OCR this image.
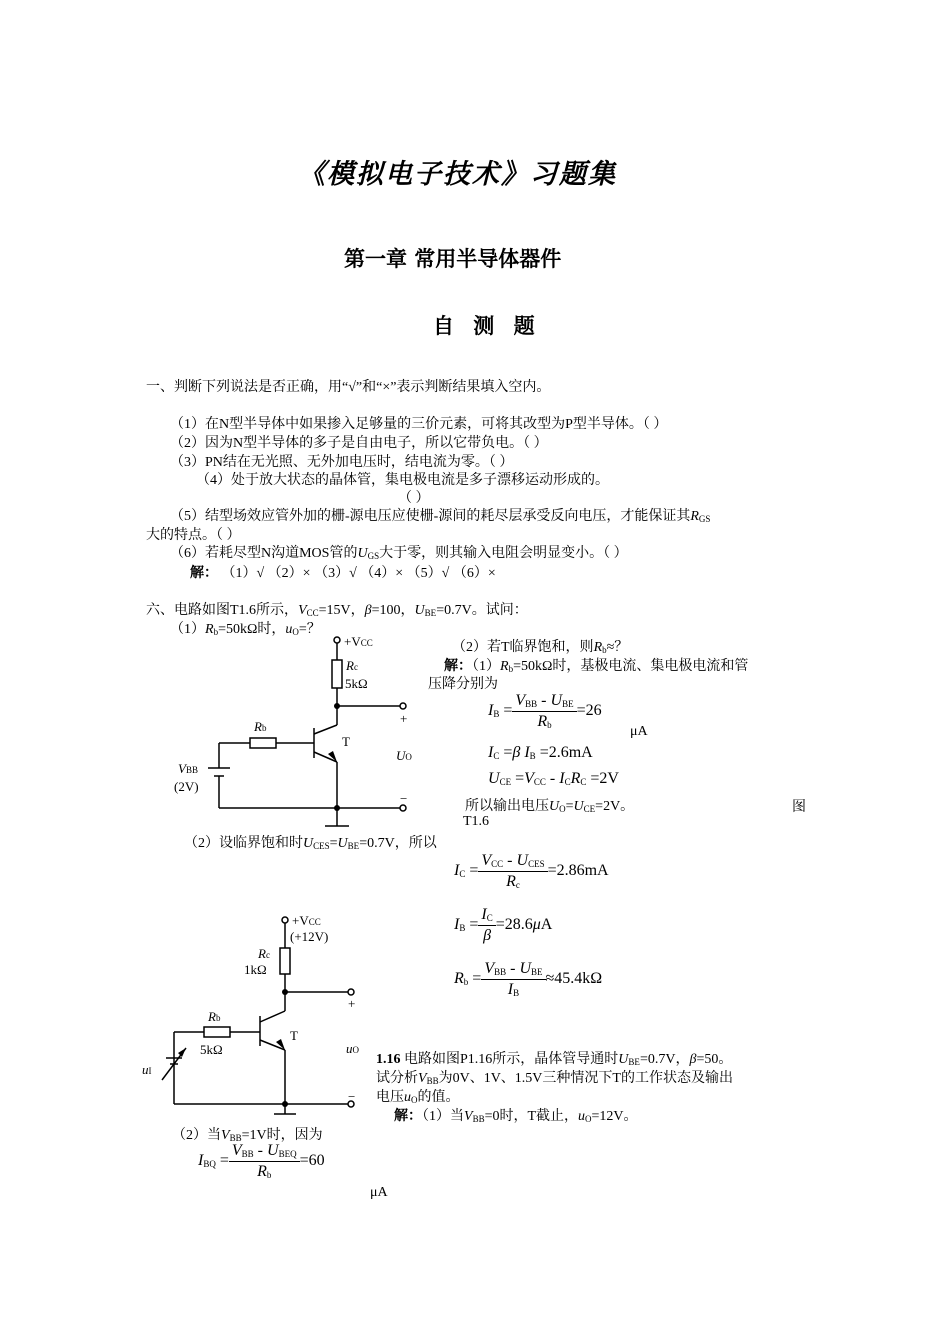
《模拟电子技术》习题集
第一章 常用半导体器件
自 测 题
一、判断下列说法是否正确，用“√”和“×”表示判断结果填入空内。
（1）在N型半导体中如果掺入足够量的三价元素，可将其改型为P型半导体。（ ）
（2）因为N型半导体的多子是自由电子，所以它带负电。（ ）
（3）PN结在无光照、无外加电压时，结电流为零。（ ）
（4）处于放大状态的晶体管，集电极电流是多子漂移运动形成的。
（ ）
（5）结型场效应管外加的栅-源电压应使栅-源间的耗尽层承受反向电压，才能保证其$R_{GS}$
大的特点。（ ）
（6）若耗尽型N沟道MOS管的$U_{GS}$大于零，则其输入电阻会明显变小。（ ）
解： （1）√ （2）× （3）√ （4）× （5）√ （6）×
六、电路如图T1.6所示，$V_{CC}=15V$，β=100，$U_{BE}=0.7V$。试问：
$(1)R_b=50k\Omega$时，$u_O=$？
（2）若T临界饱和，则$R_b\approx$？
解：$(1)R_b=50k\Omega$时，基极电流、集电极电流和管
压降分别为
$I_B = \frac{V_{BB} - U_{BE}}{R_b} =26$
μA
$I_C =\beta$ $I_B =2.6mA$
$U_{CE} =V_{CC} - I_CR_C =2V$
所以输出电压$U_O=U_{CE}=2V$。	图
T1.6
（2）设临界饱和时$U_{CES}=U_{BE}=0.7V$，所以
$I_C = \frac{V_{CC} - U_{CES}}{R_c} =2.86mA$
$I_B = \frac{I_C}{\beta} =28.6\mu A$
$R_b = \frac{V_{BB} - U_{BE}}{I_B} \approx 45.4k\Omega$
1.16 电路如图P1.16所示，晶体管导通时$U_{BE}=0.7V$，β=50。
试分析$V_{BB}$为0V、1V、1.5V三种情况下T的工作状态及输出
电压$u_O$的值。
解：（1）当$V_{BB}=0$时，T截止，$u_O=12V$。
（2）当$V_{BB}=1V$时，因为
$I_{BQ} = \frac{V_{BB} - U_{BEQ}}{R_b} =60$
μA
+VCC
Rc
5kΩ
Rb
T
VBB
(2V)
+
−
UO
+VCC
(+12V)
Rc
1kΩ
Rb
5kΩ
T
+
−
uO
uI
